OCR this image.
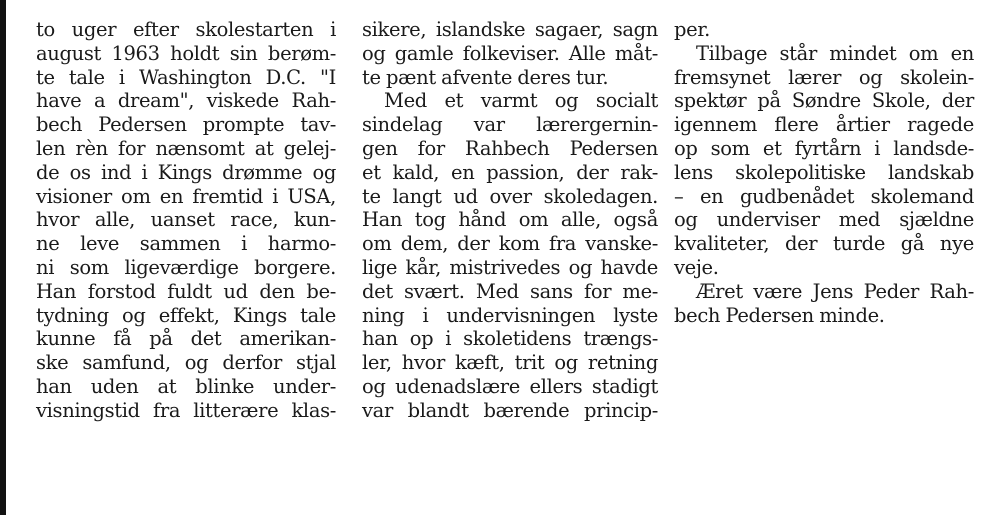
to uger efter skolestarten i
august 1963 holdt sin berøm-
te tale i Washington D.C. "I
have a dream", viskede Rah-
bech Pedersen prompte tav-
len rèn for nænsomt at gelej-
de os ind i Kings drømme og
visioner om en fremtid i USA,
hvor alle, uanset race, kun-
ne leve sammen i harmo-
ni som ligeværdige borgere.
Han forstod fuldt ud den be-
tydning og effekt, Kings tale
kunne få på det amerikan-
ske samfund, og derfor stjal
han uden at blinke under-
visningstid fra litterære klas-
sikere, islandske sagaer, sagn
og gamle folkeviser. Alle måt-
te pænt afvente deres tur.
Med et varmt og socialt
sindelag var lærergernin-
gen for Rahbech Pedersen
et kald, en passion, der rak-
te langt ud over skoledagen.
Han tog hånd om alle, også
om dem, der kom fra vanske-
lige kår, mistrivedes og havde
det svært. Med sans for me-
ning i undervisningen lyste
han op i skoletidens trængs-
ler, hvor kæft, trit og retning
og udenadslære ellers stadigt
var blandt bærende princip-
per.
Tilbage står mindet om en
fremsynet lærer og skolein-
spektør på Søndre Skole, der
igennem flere årtier ragede
op som et fyrtårn i landsde-
lens skolepolitiske landskab
– en gudbenådet skolemand
og underviser med sjældne
kvaliteter, der turde gå nye
veje.
Æret være Jens Peder Rah-
bech Pedersen minde.
